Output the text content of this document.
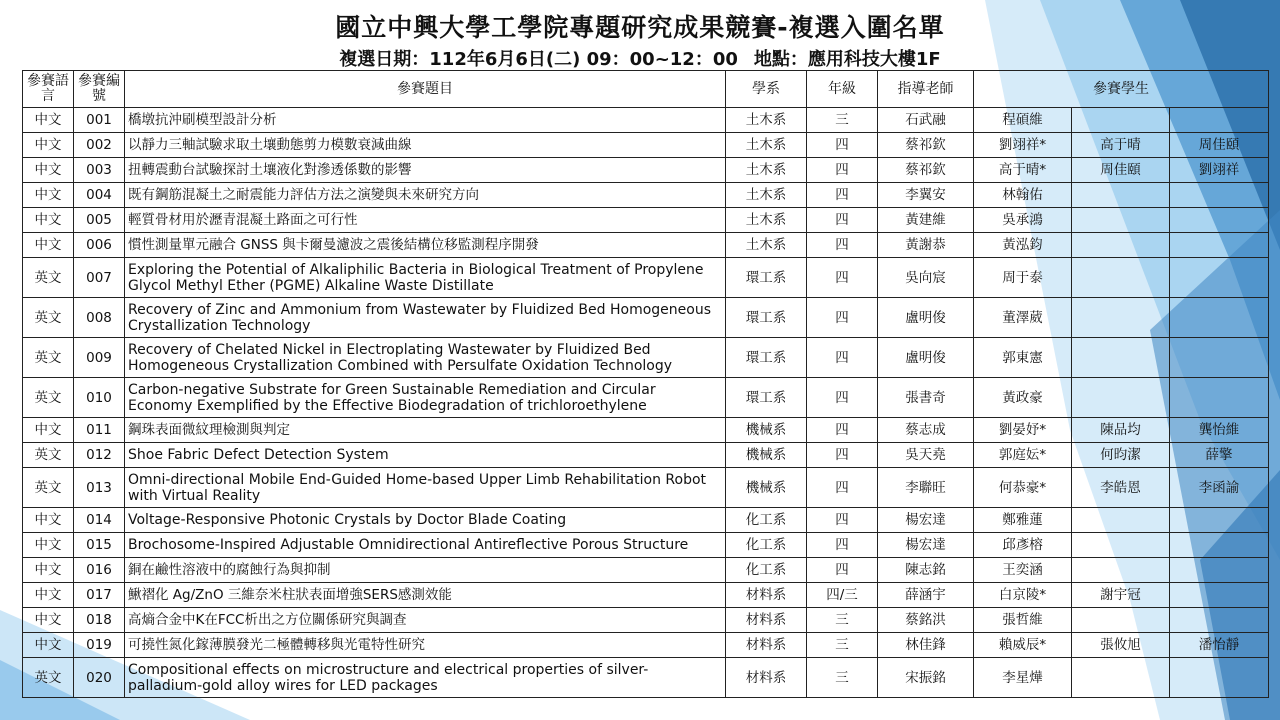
國立中興大學工學院專題研究成果競賽-複選入圍名單
複選日期：112年6月6日(二) 09：00~12：00 地點：應用科技大樓1F
參賽語言	參賽編號	參賽題目	學系	年級	指導老師	參賽學生		
中文	001	橋墩抗沖刷模型設計分析	土木系	三	石武融	程碩維		
中文	002	以靜力三軸試驗求取土壤動態剪力模數衰減曲線	土木系	四	蔡祁欽	劉翊祥*	高于晴	周佳頤
中文	003	扭轉震動台試驗探討土壤液化對滲透係數的影響	土木系	四	蔡祁欽	高于晴*	周佳頤	劉翊祥
中文	004	既有鋼筋混凝土之耐震能力評估方法之演變與未來研究方向	土木系	四	李翼安	林翰佑		
中文	005	輕質骨材用於瀝青混凝土路面之可行性	土木系	四	黃建維	吳承鴻		
中文	006	慣性測量單元融合 GNSS 與卡爾曼濾波之震後結構位移監測程序開發	土木系	四	黃謝恭	黃泓鈞		
英文	007	Exploring the Potential of Alkaliphilic Bacteria in Biological Treatment of Propylene Glycol Methyl Ether (PGME) Alkaline Waste Distillate	環工系	四	吳向宸	周于泰		
英文	008	Recovery of Zinc and Ammonium from Wastewater by Fluidized Bed Homogeneous Crystallization Technology	環工系	四	盧明俊	董澤葳		
英文	009	Recovery of Chelated Nickel in Electroplating Wastewater by Fluidized Bed Homogeneous Crystallization Combined with Persulfate Oxidation Technology	環工系	四	盧明俊	郭東憲		
英文	010	Carbon-negative Substrate for Green Sustainable Remediation and Circular Economy Exemplified by the Effective Biodegradation of trichloroethylene	環工系	四	張書奇	黃政豪		
中文	011	鋼珠表面微紋理檢測與判定	機械系	四	蔡志成	劉晏妤*	陳品均	龔怡維
英文	012	Shoe Fabric Defect Detection System	機械系	四	吳天堯	郭庭妘*	何昀潔	薛擎
英文	013	Omni-directional Mobile End-Guided Home-based Upper Limb Rehabilitation Robot with Virtual Reality	機械系	四	李聯旺	何恭豪*	李皓恩	李函諭
中文	014	Voltage-Responsive Photonic Crystals by Doctor Blade Coating	化工系	四	楊宏達	鄭雅蓮		
中文	015	Brochosome-Inspired Adjustable Omnidirectional Antireflective Porous Structure	化工系	四	楊宏達	邱彥榕		
中文	016	銅在鹼性溶液中的腐蝕行為與抑制	化工系	四	陳志銘	王奕涵		
中文	017	鰍褶化 Ag/ZnO 三維奈米柱狀表面增強SERS感測效能	材料系	四/三	薛涵宇	白京陵*	謝宇冠	
中文	018	高熵合金中K在FCC析出之方位關係研究與調查	材料系	三	蔡銘洪	張哲維		
中文	019	可撓性氮化鎵薄膜發光二極體轉移與光電特性研究	材料系	三	林佳鋒	賴威辰*	張攸旭	潘怡靜
英文	020	Compositional effects on microstructure and electrical properties of silver-palladium-gold alloy wires for LED packages	材料系	三	宋振銘	李星燁		
